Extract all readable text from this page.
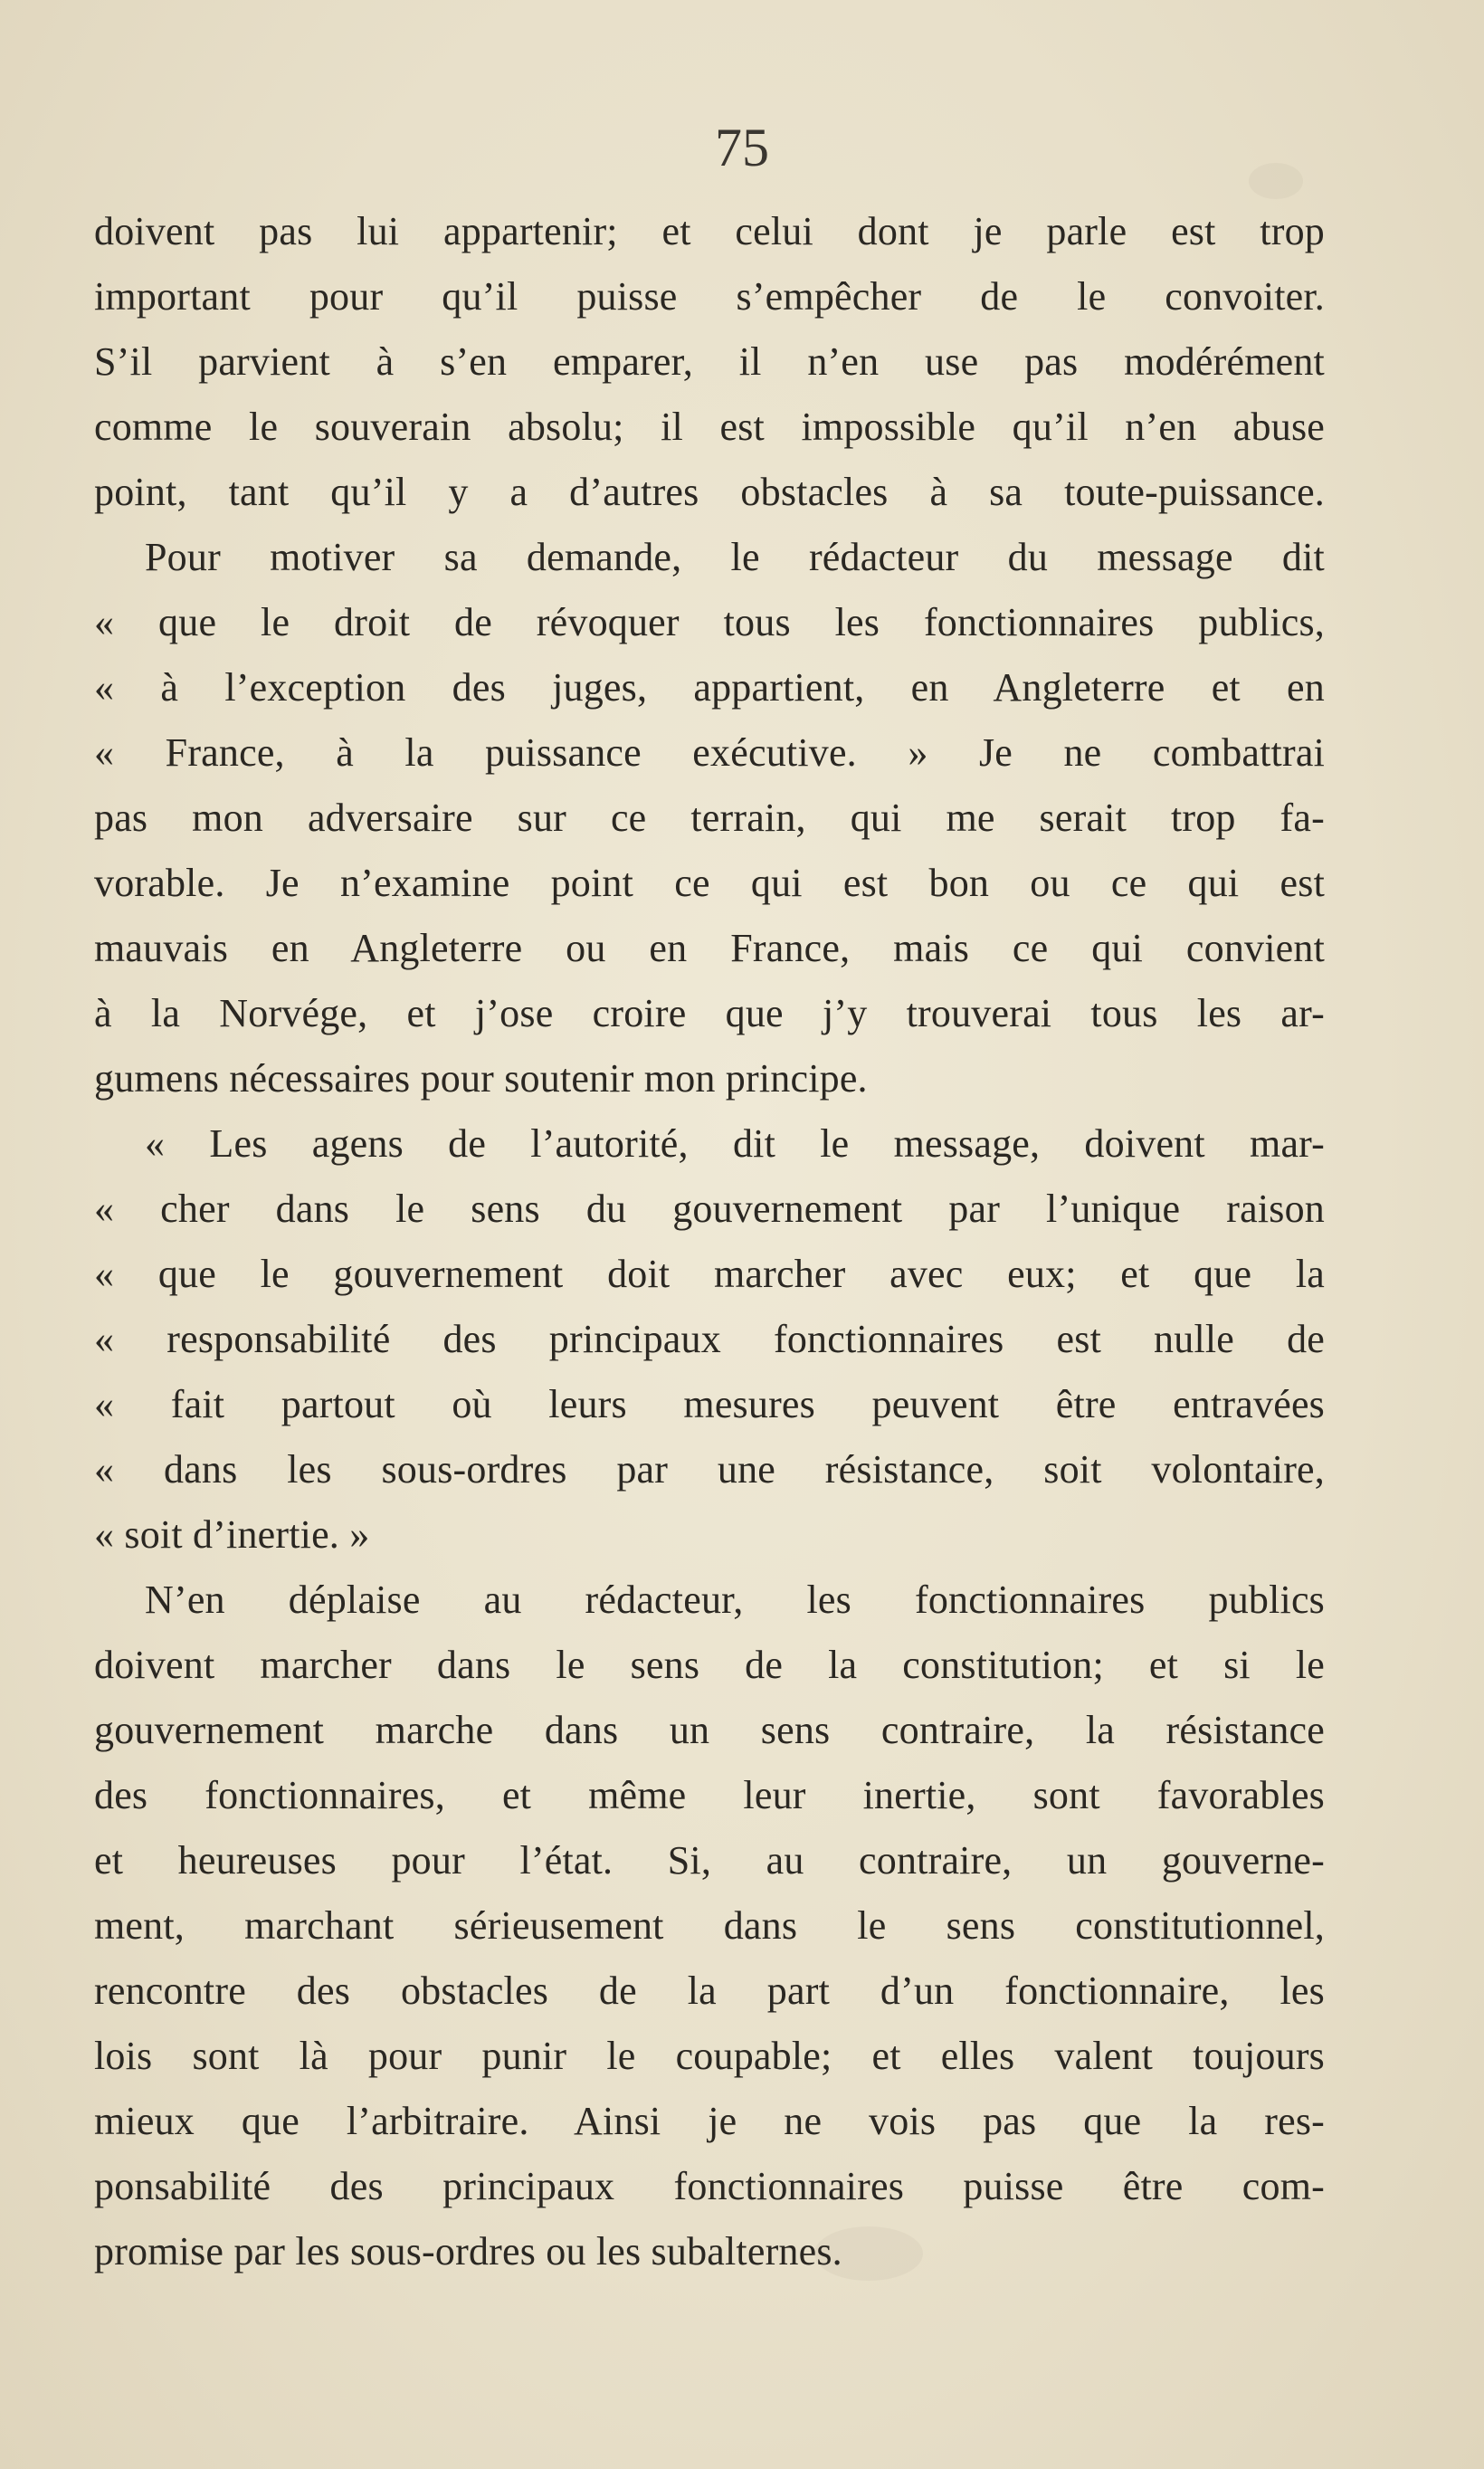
75
doivent pas lui appartenir; et celui dont je parle est trop
important pour qu’il puisse s’empêcher de le convoiter.
S’il parvient à s’en emparer, il n’en use pas modérément
comme le souverain absolu; il est impossible qu’il n’en abuse
point, tant qu’il y a d’autres obstacles à sa toute-puissance.
Pour motiver sa demande, le rédacteur du message dit
« que le droit de révoquer tous les fonctionnaires publics,
« à l’exception des juges, appartient, en Angleterre et en
« France, à la puissance exécutive. » Je ne combattrai
pas mon adversaire sur ce terrain, qui me serait trop fa-
vorable. Je n’examine point ce qui est bon ou ce qui est
mauvais en Angleterre ou en France, mais ce qui convient
à la Norvége, et j’ose croire que j’y trouverai tous les ar-
gumens nécessaires pour soutenir mon principe.
« Les agens de l’autorité, dit le message, doivent mar-
« cher dans le sens du gouvernement par l’unique raison
« que le gouvernement doit marcher avec eux; et que la
« responsabilité des principaux fonctionnaires est nulle de
« fait partout où leurs mesures peuvent être entravées
« dans les sous-ordres par une résistance, soit volontaire,
« soit d’inertie. »
N’en déplaise au rédacteur, les fonctionnaires publics
doivent marcher dans le sens de la constitution; et si le
gouvernement marche dans un sens contraire, la résistance
des fonctionnaires, et même leur inertie, sont favorables
et heureuses pour l’état. Si, au contraire, un gouverne-
ment, marchant sérieusement dans le sens constitutionnel,
rencontre des obstacles de la part d’un fonctionnaire, les
lois sont là pour punir le coupable; et elles valent toujours
mieux que l’arbitraire. Ainsi je ne vois pas que la res-
ponsabilité des principaux fonctionnaires puisse être com-
promise par les sous-ordres ou les subalternes.
